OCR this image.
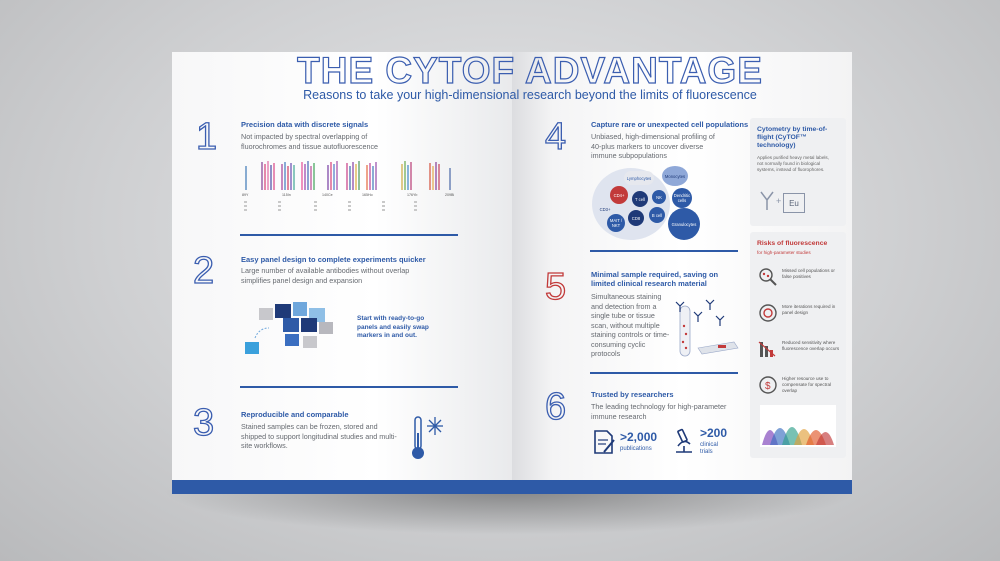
THE CYTOF ADVANTAGE
Reasons to take your high-dimensional research beyond the limits of fluorescence
1	Precision data with discrete signals
Not impacted by spectral overlapping of fluorochromes and tissue autofluorescence
89Y	115In	140Ce	165Ho	176Yb	209Bi
2	Easy panel design to complete experiments quicker
Large number of available antibodies without overlap simplifies panel design and expansion
Start with ready-to-go panels and easily swap markers in and out.
3	Reproducible and comparable
Stained samples can be frozen, stored and shipped to support longitudinal studies and multi-site workflows.
4	Capture rare or unexpected cell populations
Unbiased, high-dimensional profiling of 40-plus markers to uncover diverse immune subpopulations
Lymphocytes	Monocytes
CD4+
T cell	NK	Dendritic cells
CD3+
CD8
B cell
MAIT / NKT	Granulocytes
5	Minimal sample required, saving on limited clinical research material
Simultaneous staining and detection from a single tube or tissue scan, without multiple staining controls or time-consuming cyclic protocols
6	Trusted by researchers
The leading technology for high-parameter immune research
>2,000
publications
>200
clinical trials
Cytometry by time-of-flight (CyTOF™ technology)
Applies purified heavy metal labels, not normally found in biological systems, instead of fluorophores.
+ Eu
Risks of fluorescence
for high-parameter studies
Missed cell populations or false positives
More iterations required in panel design
Reduced sensitivity where fluorescence overlap occurs
$
Higher resource use to compensate for spectral overlap
